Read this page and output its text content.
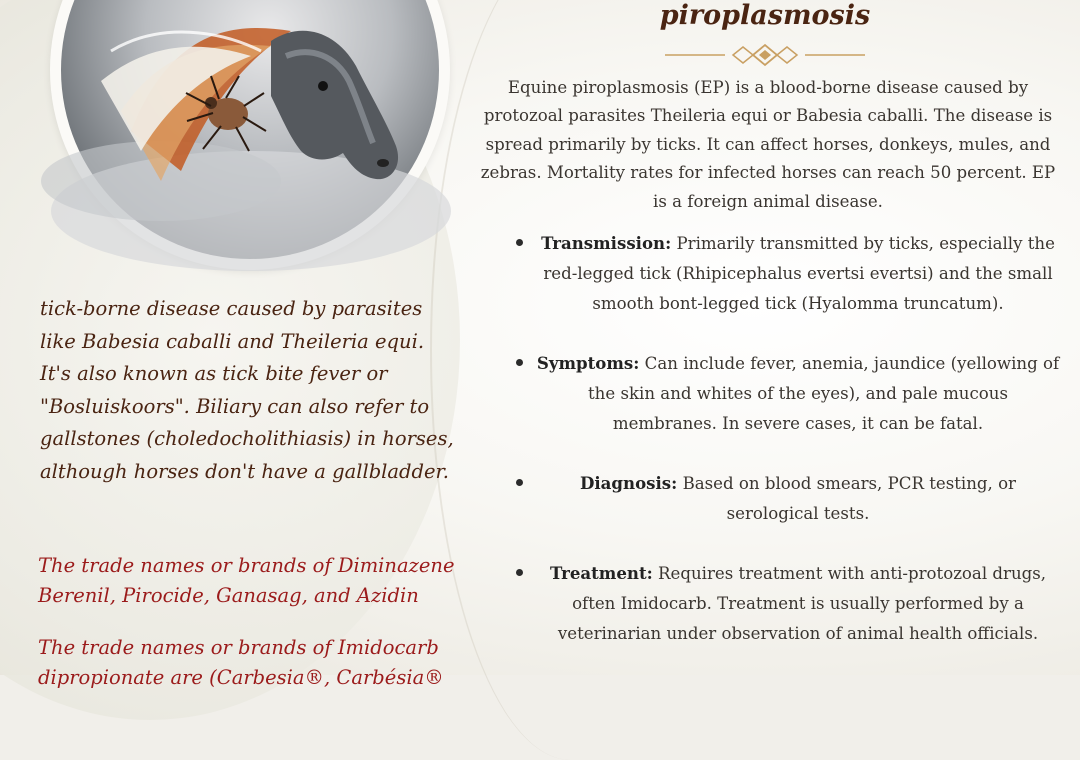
tick-borne disease caused by parasites like Babesia caballi and Theileria equi. It's also known as tick bite fever or "Bosluiskoors". Biliary can also refer to gallstones (choledocholithiasis) in horses, although horses don't have a gallbladder.

The trade names or brands of Diminazene Berenil, Pirocide, Ganasag, and Azidin

The trade names or brands of Imidocarb dipropionate are (Carbesia®, Carbésia®

piroplasmosis

Equine piroplasmosis (EP) is a blood-borne disease caused by protozoal parasites Theileria equi or Babesia caballi. The disease is spread primarily by ticks. It can affect horses, donkeys, mules, and zebras. Mortality rates for infected horses can reach 50 percent. EP is a foreign animal disease.

Transmission: Primarily transmitted by ticks, especially the red-legged tick (Rhipicephalus evertsi evertsi) and the small smooth bont-legged tick (Hyalomma truncatum).
Symptoms: Can include fever, anemia, jaundice (yellowing of the skin and whites of the eyes), and pale mucous membranes. In severe cases, it can be fatal.
Diagnosis: Based on blood smears, PCR testing, or serological tests.
Treatment: Requires treatment with anti-protozoal drugs, often Imidocarb. Treatment is usually performed by a veterinarian under observation of animal health officials.
